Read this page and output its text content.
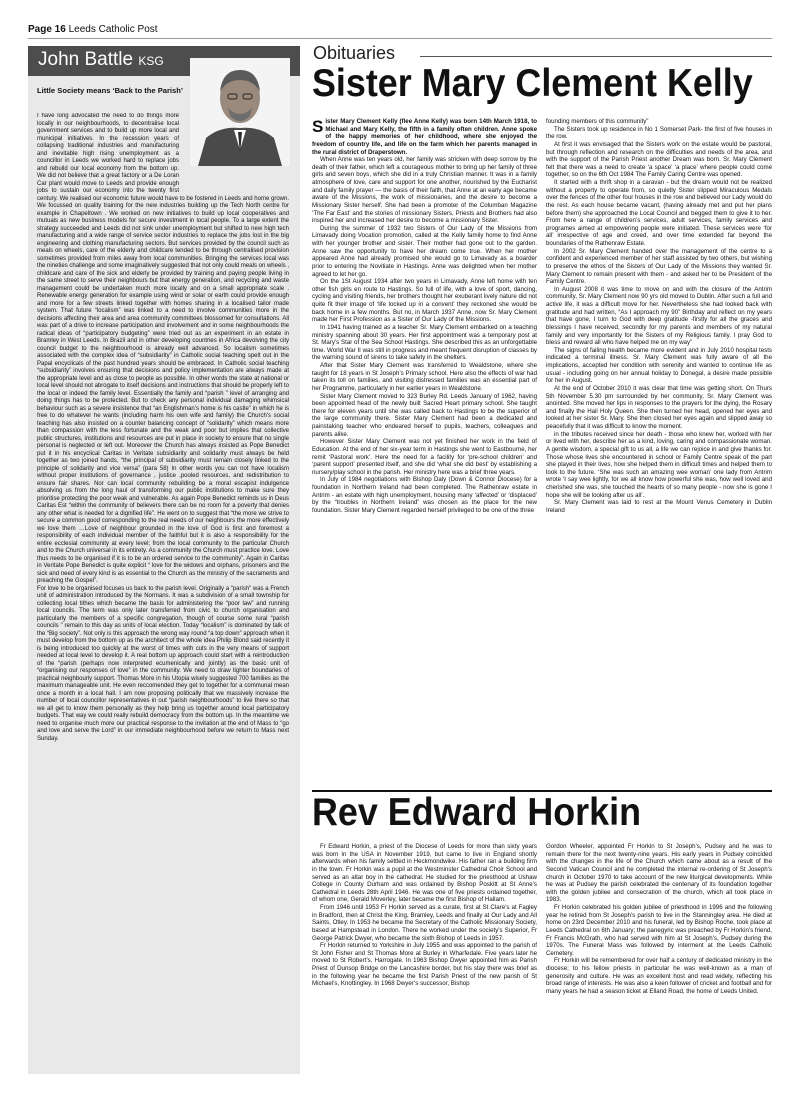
Page 16 Leeds Catholic Post
John Battle KSG
Little Society means ‘Back to the Parish’

I have long advocated the need to do things more locally in our neighbourhoods, to decentralise local government services and to build up more local and municipal initiatives. In the recession years of collapsing traditional industries and manufacturing and inevitable high rising unemployment as a councillor in Leeds we worked hard to replace jobs and rebuild our local economy from the bottom up. We did not believe that a great factory or a De Loran Car plant would move to Leeds and provide enough jobs to sustain our economy into the twenty first century. We realised our economic future would have to be fostered in Leeds and home grown. We focussed on quality training for the new industries building up the Tech North centre for example in Chapeltown . We worked on new initiatives to build up local cooperatives and mutuals as new business models for secure investment in local people. To a large extent the strategy succeeded and Leeds did not sink under unemployment but shifted to new high tech manufacturing and a wide range of service sector industries to replace the jobs lost in the big engineering and clothing manufacturing sectors. But services provided by the council such as meals on wheels, care of the elderly and childcare tended to be through centralised provision sometimes provided from miles away from local communities. Bringing the services local was the nineties challenge and some imaginatively suggested that not only could meals on wheels , childcare and care of the sick and elderly be provided by training and paying people living in the same street to serve their neighbours but that energy generation, and recycling and waste management could be undertaken much more locally and on a small appropriate scale . Renewable energy generation for example using wind or solar or earth could provide enough and more for a few streets linked together with homes sharing in a localised tailor made system. That future “localism” was linked to a need to involve communities more in the decisions affecting their area and area community committees blossomed for consultations. All was part of a drive to increase participation and involvement and in some neighbourhoods the radical ideas of “participatory budgeting” were tried out as an experiment in an estate in Bramley in West Leeds. In Brazil and in other developing countries in Africa devolving the city council budget to the neighbourhood is already well advanced. So localism sometimes associated with the complex idea of “subsidiarity” in Catholic social teaching spelt out in the Papal encyclicals of the past hundred years should be embraced. In Catholic social teaching “subsidiarity” involves ensuring that decisions and policy implementation are always made at the appropriate level and as close to people as possible. In other words the state at national or local level should not abrogate to itself decisions and instructions that should be properly left to the local or indeed the family level. Essentially the family and “parish ” level of arranging and doing things has to be protected. But to check any personal individual damaging whimsical behaviour such as a severe insistence that “an Englishman’s home is his castle” in which he is free to do whatever he wants (including harm his own wife and family) the Church’s social teaching has also insisted on a counter balancing concept of “solidarity” which means more than compassion with the less fortunate and the weak and poor but implies that collective public structures, institutions and resources are put in place in society to ensure that no single personal is neglected or left out. Moreover the Church has always insisted as Pope Benedict put it in his encyclical Caritas in Veritate subsidiarity and solidarity must always be held together as two joined hands, “the principal of subsidiarity must remain closely linked to the principle of solidarity and vice versa” (para 58) In other words you can not have localism without proper institutions of governance , justice ,pooled resources, and redistribution to ensure fair shares. Nor can local community rebuilding be a moral escapist indulgence absolving us from the long haul of transforming our public institutions to make sure they prioritise protecting the poor weak and vulnerable. As again Pope Benedict reminds us in Deus Caritas Est “within the community of believers there can be no room for a poverty that denies any other what is needed for a dignified life”. He went on to suggest that “the more we strive to secure a common good corresponding to the real needs of our neighbours the more effectively we love them …Love of neighbour grounded in the love of God is first and foremost a responsibility of each individual member of the faithful but it is also a responsibility for the entire ecclesial community at every level; from the local community to the particular Church and to the Church universal in its entirety. As a community the Church must practice love. Love thus needs to be organised if it is to be an ordered service to the community”. Again in Caritas in Veritate Pope Benedict is quite explicit “ love for the widows and orphans, prisoners and the sick and need of every kind is as essential to the Church as the ministry of the sacraments and preaching the Gospel”.

For love to be organised focuses us back to the parish level. Originally a “parish” was a French unit of administration introduced by the Normans. It was a subdivision of a small township for collecting local tithes which became the basis for administering the “poor law” and running local councils. The term was only later transferred from civic to church organisation and particularly the members of a specific congregation, though of course some rural “parish councils ” remain to this day as units of local election. Today “localism” is dominated by talk of the “Big society”. Not only is this approach the wrong way round “a top down” approach when it must develop from the bottom up as the architect of the whole idea Philip Blond said recently it is being introduced too quickly at the worst of times with cuts in the very means of support needed at local level to develop it. A real bottom up approach could start with a reintroduction of the “parish (perhaps now interpreted ecumenically and jointly) as the basic unit of “organising our responses of love” in the community. We need to draw tighter boundaries of practical neighbourly support. Thomas More in his Utopia wisely suggested 700 families as the maximum manageable unit. He even reccomended they get to together for a communal mean once a month in a local hall. I am now proposing politically that we massively increase the number of local councillor representatives in out “parish neighbourhoods” to live there so that we all get to know them personally as they help bring us together around local participatory budgets. That way we could really rebuild democracy from the bottom up. In the meantime we need to organise much more our practical response to the invitation at the end of Mass to “go and love and serve the Lord” in our immediate neighbourhood before we return to Mass next Sunday.

Obituaries
Sister Mary Clement Kelly

Sister Mary Clement Kelly (flee Anne Kelly) was born 14th March 1918, to Michael and Mary Kelly, the fifth in a family often children. Anne spoke of the happy memories of her childhood, where she enjoyed the freedom of country life, and life on the farm which her parents managed in the rural district of Draperstown.

When Anne was ten years old, her family was stricken with deep sorrow by the death of their father, which left a courageous mother to bring up her family of three girls and seven boys, which she did in a truly Christian manner. It was in a family atmosphere of love, care and support for one another, nourished by the Eucharist and daily family prayer — the basis of their faith, that Anne at an early age became aware of the Missions, the work of missionaries, and the desire to become a Missionary Sister herself. She had been a promoter of the Columban Magazine ‘The Far East’ and the stories of missionary Sisters, Priests and Brothers had also inspired her and increased her desire to become a missionary Sister.

During the summer of 1932 two Sisters of Our Lady of the Missions from Limavady doing Vocation promotion, called at the Kelly family home to find Anne with her younger brother and sister. Their mother had gone out to the garden. Anne saw the opportunity to have her dream come true. When her mother appeared Anne had already promised she would go to Limavady as a boarder prior to entering the Novitiate in Hastings. Anne was delighted when her mother agreed to let her go.

On the 1St August 1934 after two years in Limavady, Anne left home with ten other fish girls en route to Hastings. So full of life, with a love of sport, dancing, cycling and visiting friends, her brothers thought her exuberant lively nature did not quite fit their image of ‘life locked up in a convent’ they reckoned she would be back home in a few months. But no, in March 1937 Anne, now Sr. Mary Clement made her First Profession as a Sister of Our Lady of the Missions.

In 1941 having trained as a teacher Sr. Mary Clement embarked on a teaching ministry spanning about 30 years. Her first appointment was a temporary post at St. Mary’s Star of the Sea School Hastings. She described this as an unforgettable time. World War II was still in progress and meant frequent disruption of classes by the warning sound of sirens to take safety in the shelters.

After that Sister Mary Clement was transferred to Wealdstone, where she taught for 18 years in St Joseph’s Primary school. Here also the effects of war had taken its toll on families, and visiting distressed families was an essential part of her Programme, particularly in her earlier years in Wealdstone.

Sister Mary Clement moved to 323 Burley Rd. Leeds January of 1962, having been appointed head of the newly built Sacred Heart primary school. She taught there for eleven years until she was called back to Hastings to be the superior of the large community there. Sister Mary Clement had been a dedicated and painstaking teacher who endeared herself to pupils, teachers, colleagues and parents alike.

However Sister Mary Clement was not yet finished her work in the field of Education. At the end of her six-year term in Hastings she went to Eastbourne, her remit ‘Pastoral work’. Here the need for a facility for ‘pre-school children’ and ‘parent support’ presented itself, and she did ‘what she did best’ by establishing a nursery/play school in the parish. Her ministry here was a brief three years.

In July of 1984 negotiations with Bishop Daly (Down & Connor Diocese) for a foundation in Northern Ireland had been completed. The Rathenraw estate in Antrim - an estate with high unemployment, housing many ‘affected’ or ‘displaced’ by the “troubles in Northern Ireland” was chosen as the place for the new foundation. Sister Mary Clement regarded herself privileged to be one of the three

founding members of this community”

The Sisters took up residence in No 1 Somerset Park- the first of five houses in the row.

At first it was envisaged that the Sisters work on the estate would be pastoral, but through reflection and research on the difficulties and needs of the area, and with the support of the Parish Priest another Dream was born. Sr. Mary Clement felt that there was a need to create ‘a space’ ‘a place’ where people could come together, so on the 6th Oct 1984 The Family Caring Centre was opened.

It started with a thrift shop in a caravan - but the dream would not be realized without a property to operate from, so quietly Sister slipped Miraculous Medals over the fences of the other four houses in the row and believed our Lady would do the rest. As each house became vacant, (having already met and put her plans before them) she approached the Local Council and begged them to give it to her. From here a range of children’s services, adult services, family services and programes aimed at empowering people were initiated. These services were ‘for all’ irrespective of age and creed, and over time extended far beyond the boundaries of the Rathenraw Estate.

In 2002 Sr. Mary Clement handed over the management of the centre to a confident and experienced member of her staff assisted by two others, but wishing to preserve the ethos of the Sisters of Our Lady of the Missions they wanted Sr. Mary Clement to remain present with them - and asked her to be President of the Family Centre.

In August 2008 it was time to move on and with the closure of the Antrim community, Sr. Mary Clement now 90 yrs old moved to Dublin. After such a full and active life, it was a difficult move for her. Nevertheless she had looked back with gratitude and had written, “As I approach my 90” Birthday and reflect on my years that have gone, I turn to God with deep gratitude -firstly for all the graces and blessings I have received, secondly for my parents and members of my natural family and very importantly for the Sisters of my Religious family. I pray God to bless and reward all who have helped me on my way”

The signs of failing health became more evident and in July 2010 hospital tests indicated a terminal illness. Sr. Mary Clement was fully aware of all the implications, accepted her condition with serenity and wanted to continue life as usual - including going on her annual holiday to Donegal, a desire made possible for her in August.

At the end of October 2010 it was clear that time was getting short. On Thurs 5th November 5.30 pm surrounded by her community, Sr. Mary Clement was anointed. She moved her lips in responses to the prayers for the dying, the Rosary and finally the Hail Holy Queen. She then turned her head, opened her eyes and looked at her sister Sr. Mary. She then closed her eyes again and slipped away so peacefully that it was difficult to know the moment.

in the tributes received since her death - those who knew her, worked with her or lived with her, describe her as a kind, loving, caring and compassionate woman. A gentle wisdom, a special gift to us all, a life we can rejoice in and give thanks for. Those whose lives she encountered in school or Family Centre speak of the part she played in their lives, how she helped them in difficult times and helped them to look to the future. ‘She was such an amazing wee woman’ one lady from Antrim wrote ‘I say wee lightly, for we all know how powerful she was, how well loved and cherished she was, she touched the hearts of so many people - now she is gone I hope she will be looking after us all’.

Sr. Mary Clement was laid to rest at the Mount Venus Cemetery in Dublin Ireland

Rev Edward Horkin

Fr Edward Horkin, a priest of the Diocese of Leeds for more than sixty years was born in the USA in November 1919, but came to live in England shortly afterwards when his family settled in Heckmondwike. His father ran a building firm in the town. Fr Horkin was a pupil at the Westminster Cathedral Choir School and served as an altar boy in the cathedral. He studied for the priesthood at Ushaw College in County Durham and was ordained by Bishop Poskitt at St Anne’s Cathedral in Leeds 28th April 1946. He was one of five priests ordained together, of whom one, Gerald Moverley, later became the first Bishop of Hallam.

From 1946 until 1953 Fr Horkin served as a curate, first at St Clare’s at Fagley in Bradford, then at Christ the King, Bramley, Leeds and finally at Our Lady and All Saints, Otley. In 1953 he became the Secretary of the Catholic Missionary Society, based at Hampstead in London. There he worked under the society’s Superior, Fr George Patrick Dwyer, who became the sixth Bishop of Leeds in 1957.

Fr Horkin returned to Yorkshire in July 1955 and was appointed to the parish of St John Fisher and St Thomas More at Burley in Wharfedale. Five years later he moved to St Robert’s, Harrogate. In 1963 Bishop Dwyer appointed him as Parish Priest of Dunsop Bridge on the Lancashire border, but his stay there was brief as in the following year he became the first Parish Priest of the new parish of St Michael’s, Knottingley. In 1968 Dwyer’s successor, Bishop

Gordon Wheeler, appointed Fr Horkin to St Joseph’s, Pudsey and he was to remain there for the next twenty-nine years. His early years in Pudsey coincided with the changes in the life of the Church which came about as a result of the Second Vatican Council and he completed the internal re-ordering of St Joseph’s church in October 1970 to take account of the new liturgical developments. While he was at Pudsey the parish celebrated the centenary of its foundation together with the golden jubilee and consecration of the church, which all took place in 1983.

Fr Horkin celebrated his golden jubilee of priesthood in 1996 and the following year he retired from St Joseph’s parish to live in the Stanningley area. He died at home on 23rd December 2010 and his funeral, led by Bishop Roche, took place at Leeds Cathedral on 6th January; the panegyric was preached by Fr Horkin’s friend, Fr Francis McGrath, who had served with him at St Joseph’s, Pudsey during the 1970s. The Funeral Mass was followed by interment at the Leeds Catholic Cemetery.

Fr Horkin will be remembered for over half a century of dedicated ministry in the diocese; to his fellow priests in particular he was well-known as a man of generosity and culture. He was an excellent host and read widely, reflecting his broad range of interests. He was also a keen follower of cricket and football and for many years he had a season ticket at Elland Road, the home of Leeds United.
